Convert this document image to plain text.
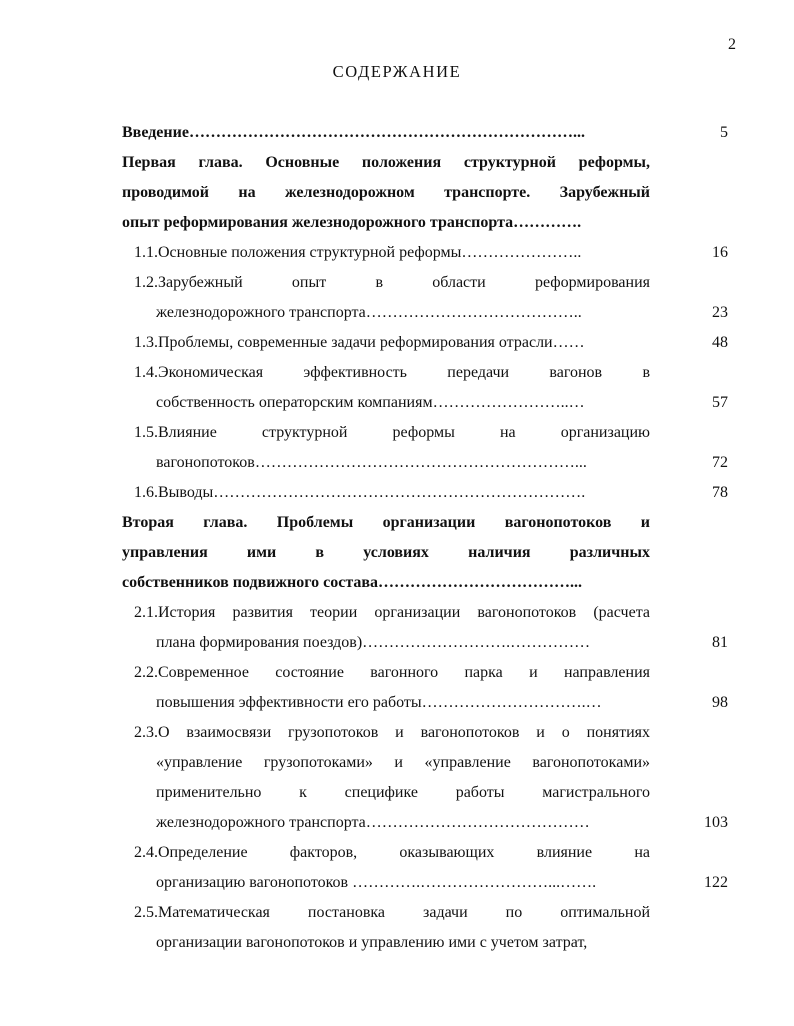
2
СОДЕРЖАНИЕ
Введение………………………………………………………………...	5
Первая глава. Основные положения структурной реформы,
проводимой на железнодорожном транспорте. Зарубежный
опыт реформирования железнодорожного транспорта………….
1.1.Основные положения структурной реформы…………………..	16
1.2.Зарубежный опыт в области реформирования
железнодорожного транспорта…………………………………..	23
1.3.Проблемы, современные задачи реформирования отрасли……	48
1.4.Экономическая эффективность передачи вагонов в
собственность операторским компаниям……………………..…	57
1.5.Влияние структурной реформы на организацию
вагонопотоков……………………………………………………...	72
1.6.Выводы…………………………………………………………….	78
Вторая глава. Проблемы организации вагонопотоков и
управления ими в условиях наличия различных
собственников подвижного состава………………………………...
2.1.История развития теории организации вагонопотоков (расчета
плана формирования поездов)……………………….……………	81
2.2.Современное состояние вагонного парка и направления
повышения эффективности его работы………………………….…	98
2.3.О взаимосвязи грузопотоков и вагонопотоков и о понятиях
«управление грузопотоками» и «управление вагонопотоками»
применительно к специфике работы магистрального
железнодорожного транспорта……………………………………	103
2.4.Определение факторов, оказывающих влияние на
организацию вагонопотоков ………….……………………...…….	122
2.5.Математическая постановка задачи по оптимальной
организации вагонопотоков и управлению ими с учетом затрат,
